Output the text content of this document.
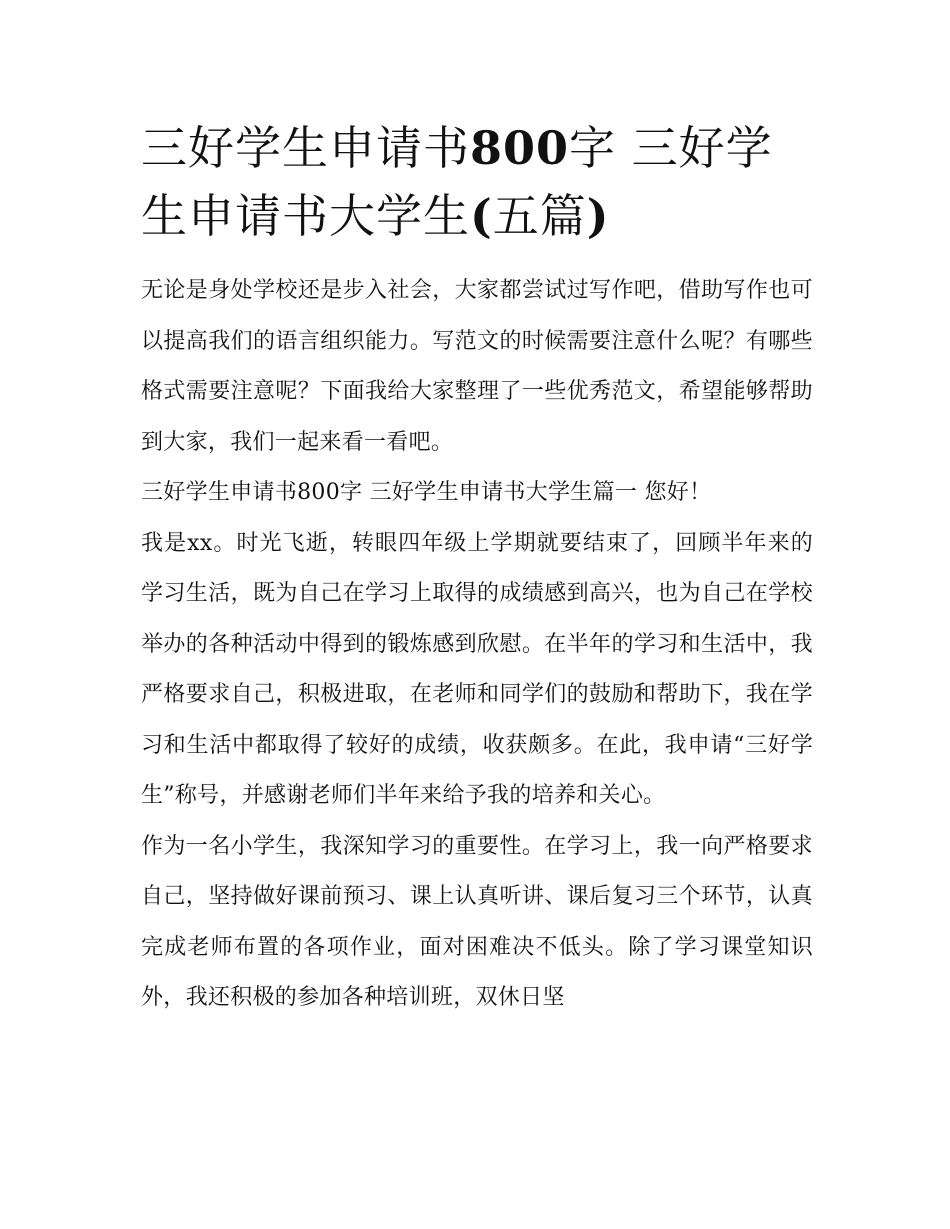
三好学生申请书800字 三好学生申请书大学生(五篇)

无论是身处学校还是步入社会，大家都尝试过写作吧，借助写作也可以提高我们的语言组织能力。写范文的时候需要注意什么呢？有哪些格式需要注意呢？下面我给大家整理了一些优秀范文，希望能够帮助到大家，我们一起来看一看吧。

三好学生申请书800字 三好学生申请书大学生篇一 您好！

我是xx。时光飞逝，转眼四年级上学期就要结束了，回顾半年来的学习生活，既为自己在学习上取得的成绩感到高兴，也为自己在学校举办的各种活动中得到的锻炼感到欣慰。在半年的学习和生活中，我严格要求自己，积极进取，在老师和同学们的鼓励和帮助下，我在学习和生活中都取得了较好的成绩，收获颇多。在此，我申请“三好学生”称号，并感谢老师们半年来给予我的培养和关心。

作为一名小学生，我深知学习的重要性。在学习上，我一向严格要求自己，坚持做好课前预习、课上认真听讲、课后复习三个环节，认真完成老师布置的各项作业，面对困难决不低头。除了学习课堂知识外，我还积极的参加各种培训班，双休日坚
